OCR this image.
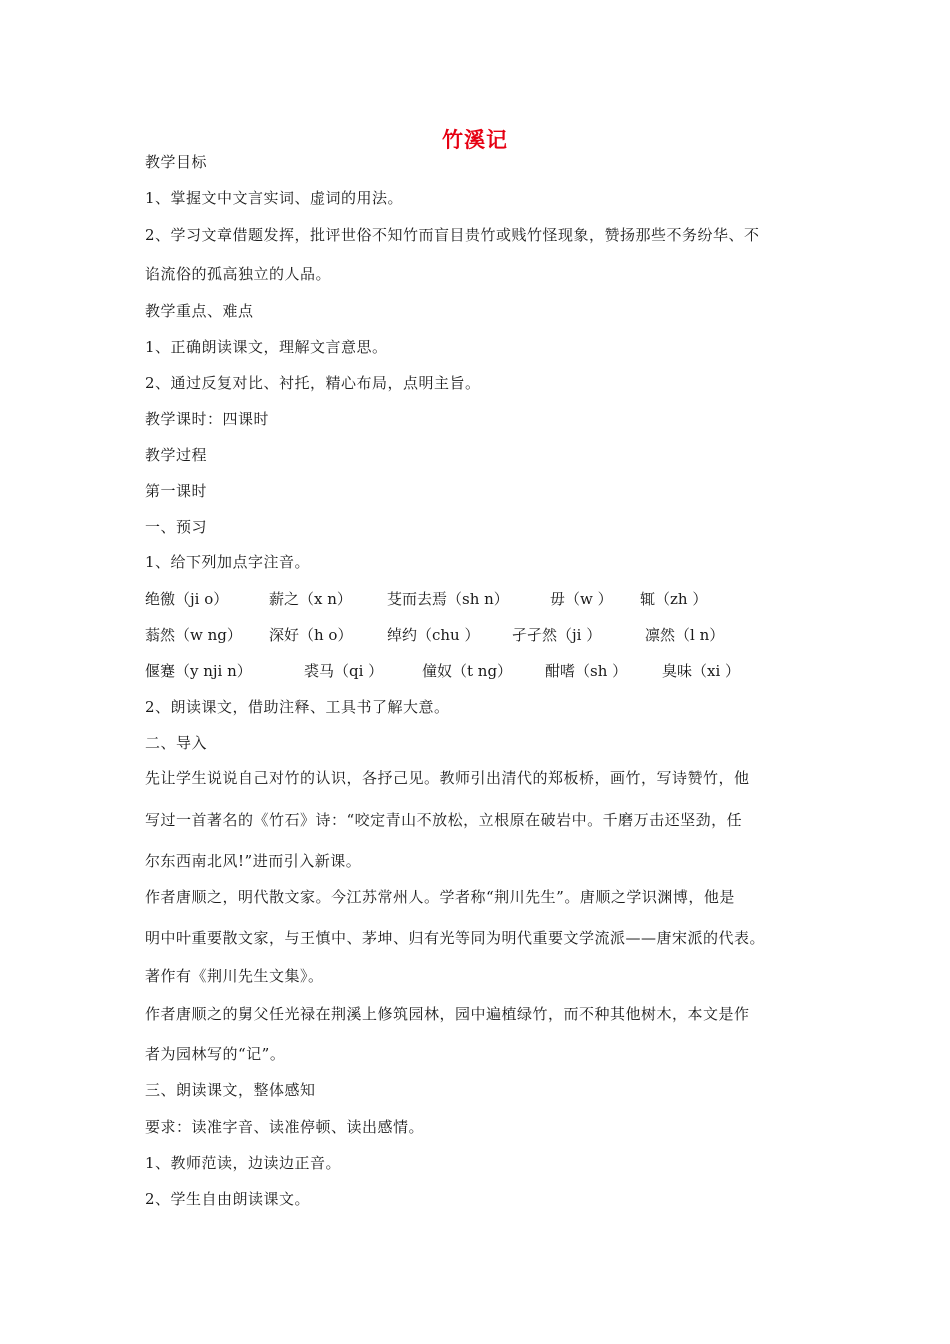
竹溪记
教学目标
1、掌握文中文言实词、虚词的用法。
2、学习文章借题发挥，批评世俗不知竹而盲目贵竹或贱竹怪现象，赞扬那些不务纷华、不
谄流俗的孤高独立的人品。
教学重点、难点
1、正确朗读课文，理解文言意思。
2、通过反复对比、衬托，精心布局，点明主旨。
教学课时：四课时
教学过程
第一课时
一、预习
1、给下列加点字注音。
绝徼（ji o）	薪之（x n） 芟而去焉（sh n）	毋（w ） 辄（zh ）
蓊然（w ng） 深好（h o） 绰约（chu ） 孑孑然（ji ）	凛然（l n）
偃蹇（y nji n）	裘马（qi ）	僮奴（t ng） 酣嗜（sh ） 臭味（xi ）
2、朗读课文，借助注释、工具书了解大意。
二、导入
先让学生说说自己对竹的认识，各抒己见。教师引出清代的郑板桥，画竹，写诗赞竹，他
写过一首著名的《竹石》诗：“咬定青山不放松，立根原在破岩中。千磨万击还坚劲，任
尔东西南北风!”进而引入新课。
作者唐顺之，明代散文家。今江苏常州人。学者称“荆川先生”。唐顺之学识渊博，他是
明中叶重要散文家，与王慎中、茅坤、归有光等同为明代重要文学流派——唐宋派的代表。
著作有《荆川先生文集》。
作者唐顺之的舅父任光禄在荆溪上修筑园林，园中遍植绿竹，而不种其他树木，本文是作
者为园林写的“记”。
三、朗读课文，整体感知
要求：读准字音、读准停顿、读出感情。
1、教师范读，边读边正音。
2、学生自由朗读课文。
